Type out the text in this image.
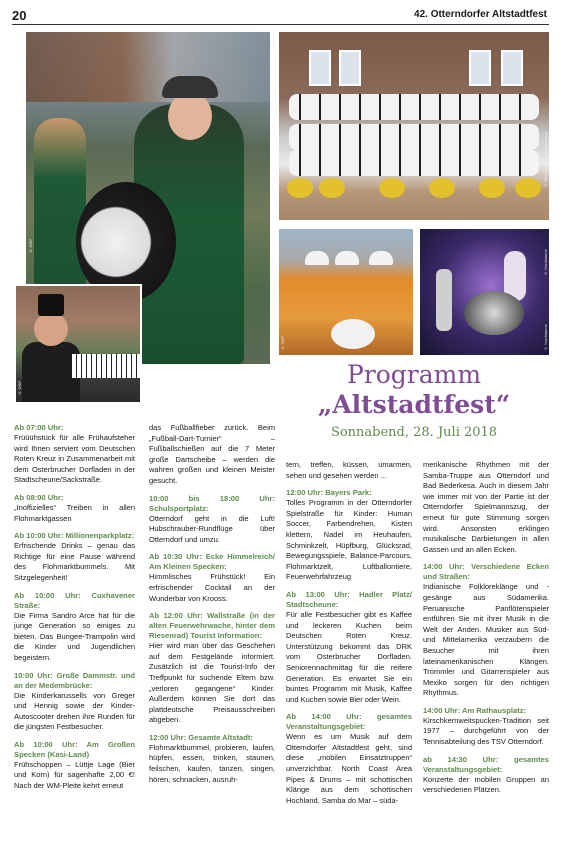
20	42. Otterndorfer Altstadtfest
© OSP
© OSP
© Otterndorfer Spielmannszug
© OSP
© Nordsturme
© Nordsturme
Programm
„Altstadtfest“
Sonnabend, 28. Juli 2018
Ab 07:00 Uhr:

Früüühstück für alle Frühaufsteher wird Ihnen serviert vom Deutschen Roten Kreuz in Zusammenarbeit mit dem Osterbrucher Dorfladen in der Stadtscheune/Sackstraße.

Ab 08:00 Uhr:

„Inoffizielles“ Treiben in allen Flohmarktgassen

Ab 10:00 Uhr: Millionenparkplatz:

Erfrischende Drinks – genau das Richtige für eine Pause während des Flohmarktbummels. Mit Sitzgelegenheit!

Ab 10:00 Uhr: Cuxhavener Straße:

Die Firma Sandro Arce hat für die junge Generation so einiges zu bieten. Das Bungee-Trampolin wird die Kinder und Jugendlichen begeistern.

10:00 Uhr: Große Dammstr. und an der Medembrücke:

Die Kinderkarussells von Greger und Hennig sowie der Kinder-Autoscooter drehen ihre Runden für die jüngsten Festbesucher.

Ab 10:00 Uhr: Am Großen Specken (Kasi-Land)

Frühschoppen – Lüttje Lage (Bier und Korn) für sagenhafte 2,00 €! Nach der WM-Pleite kehrt erneut

das Fußballfieber zurück. Beim „Fußball-Dart-Turnier“ – Fußballschießen auf die 7 Meter große Dartscheibe – werden die wahren großen und kleinen Meister gesucht.

10:00 bis 18:00 Uhr: Schulsportplatz:

Otterndorf geht in die Luft! Hubschrauber-Rundflüge über Otterndorf und umzu.

Ab 10:30 Uhr: Ecke Himmelreich/ Am Kleinen Specken:

Himmlisches Frühstück! Ein erfrischender Cocktail an der Wunderbar von Krooss.

Ab 12:00 Uhr: Wallstraße (in der alten Feuerwehrwache, hinter dem Riesenrad) Tourist Information:

Hier wird man über das Geschehen auf dem Festgelände informiert. Zusätzlich ist die Tourist-Info der Treffpunkt für suchende Eltern bzw. „verloren gegangene“ Kinder. Außerdem können Sie dort das plattdeutsche Preisausschreiben abgeben.

12:00 Uhr: Gesamte Altstadt:

Flohmarktbummel, probieren, laufen, hüpfen, essen, trinken, staunen, feilschen, kaufen, tanzen, singen, hören, schnacken, ausruh-

tern, treffen, küssen, umarmen, sehen und gesehen werden ...

12:00 Uhr: Bayers Park:

Tolles Programm in der Otterndorfer Spielstraße für Kinder: Human Soccer, Farbendrehen, Kisten klettern, Nadel im Heuhaufen, Schminkzelt, Hüpfburg, Glücksrad, Bewegungsspiele, Balance-Parcours, Flohmarktzelt, Luftballontiere, Feuerwehrfahrzeug

Ab 13:00 Uhr: Hadler Platz/ Stadtscheune:

Für alle Festbesucher gibt es Kaffee und leckeren Kuchen beim Deutschen Roten Kreuz. Unterstützung bekommt das DRK vom Osterbrucher Dorfladen. Seniorennachmittag für die reifere Generation. Es erwartet Sie ein buntes Programm mit Musik, Kaffee und Kuchen sowie Bier oder Wein.

Ab 14:00 Uhr: gesamtes Veranstaltungsgebiet:

Wenn es um Musik auf dem Otterndorfer Altstadtfest geht, sind diese „mobilen Einsatztruppen“ unverzichtbar. North Coast Area Pipes & Drums – mit schottischen Klänge aus dem schottischen Hochland, Samba do Mar – süda-

merikanische Rhythmen mit der Samba-Truppe aus Otterndorf und Bad Bederkesa. Auch in diesem Jahr wie immer mit von der Partie ist der Otterndorfer Spielmannszug, der erneut für gute Stimmung sorgen wird. Ansonsten erklingen musikalische Darbietungen in allen Gassen und an allen Ecken.

14:00 Uhr: Verschiedene Ecken und Straßen:

Indianische Folkloreklänge und -gesänge aus Südamerika. Peruanische Panflötenspieler entführen Sie mit ihrer Musik in die Welt der Anden. Musiker aus Süd- und Mittelamerika verzaubern die Besucher mit ihren lateinamerikanischen Klängen. Trommler und Gitarrenspieler aus Mexiko sorgen für den richtigen Rhythmus.

14:00 Uhr: Am Rathausplatz:

Kirschkernweitspucken-Tradition seit 1977 – durchgeführt von der Tennisabteilung des TSV Otterndorf.

ab 14:30 Uhr: gesamtes Veranstaltungsgebiet:

Konzerte der mobilen Gruppen an verschiedenen Plätzen.
